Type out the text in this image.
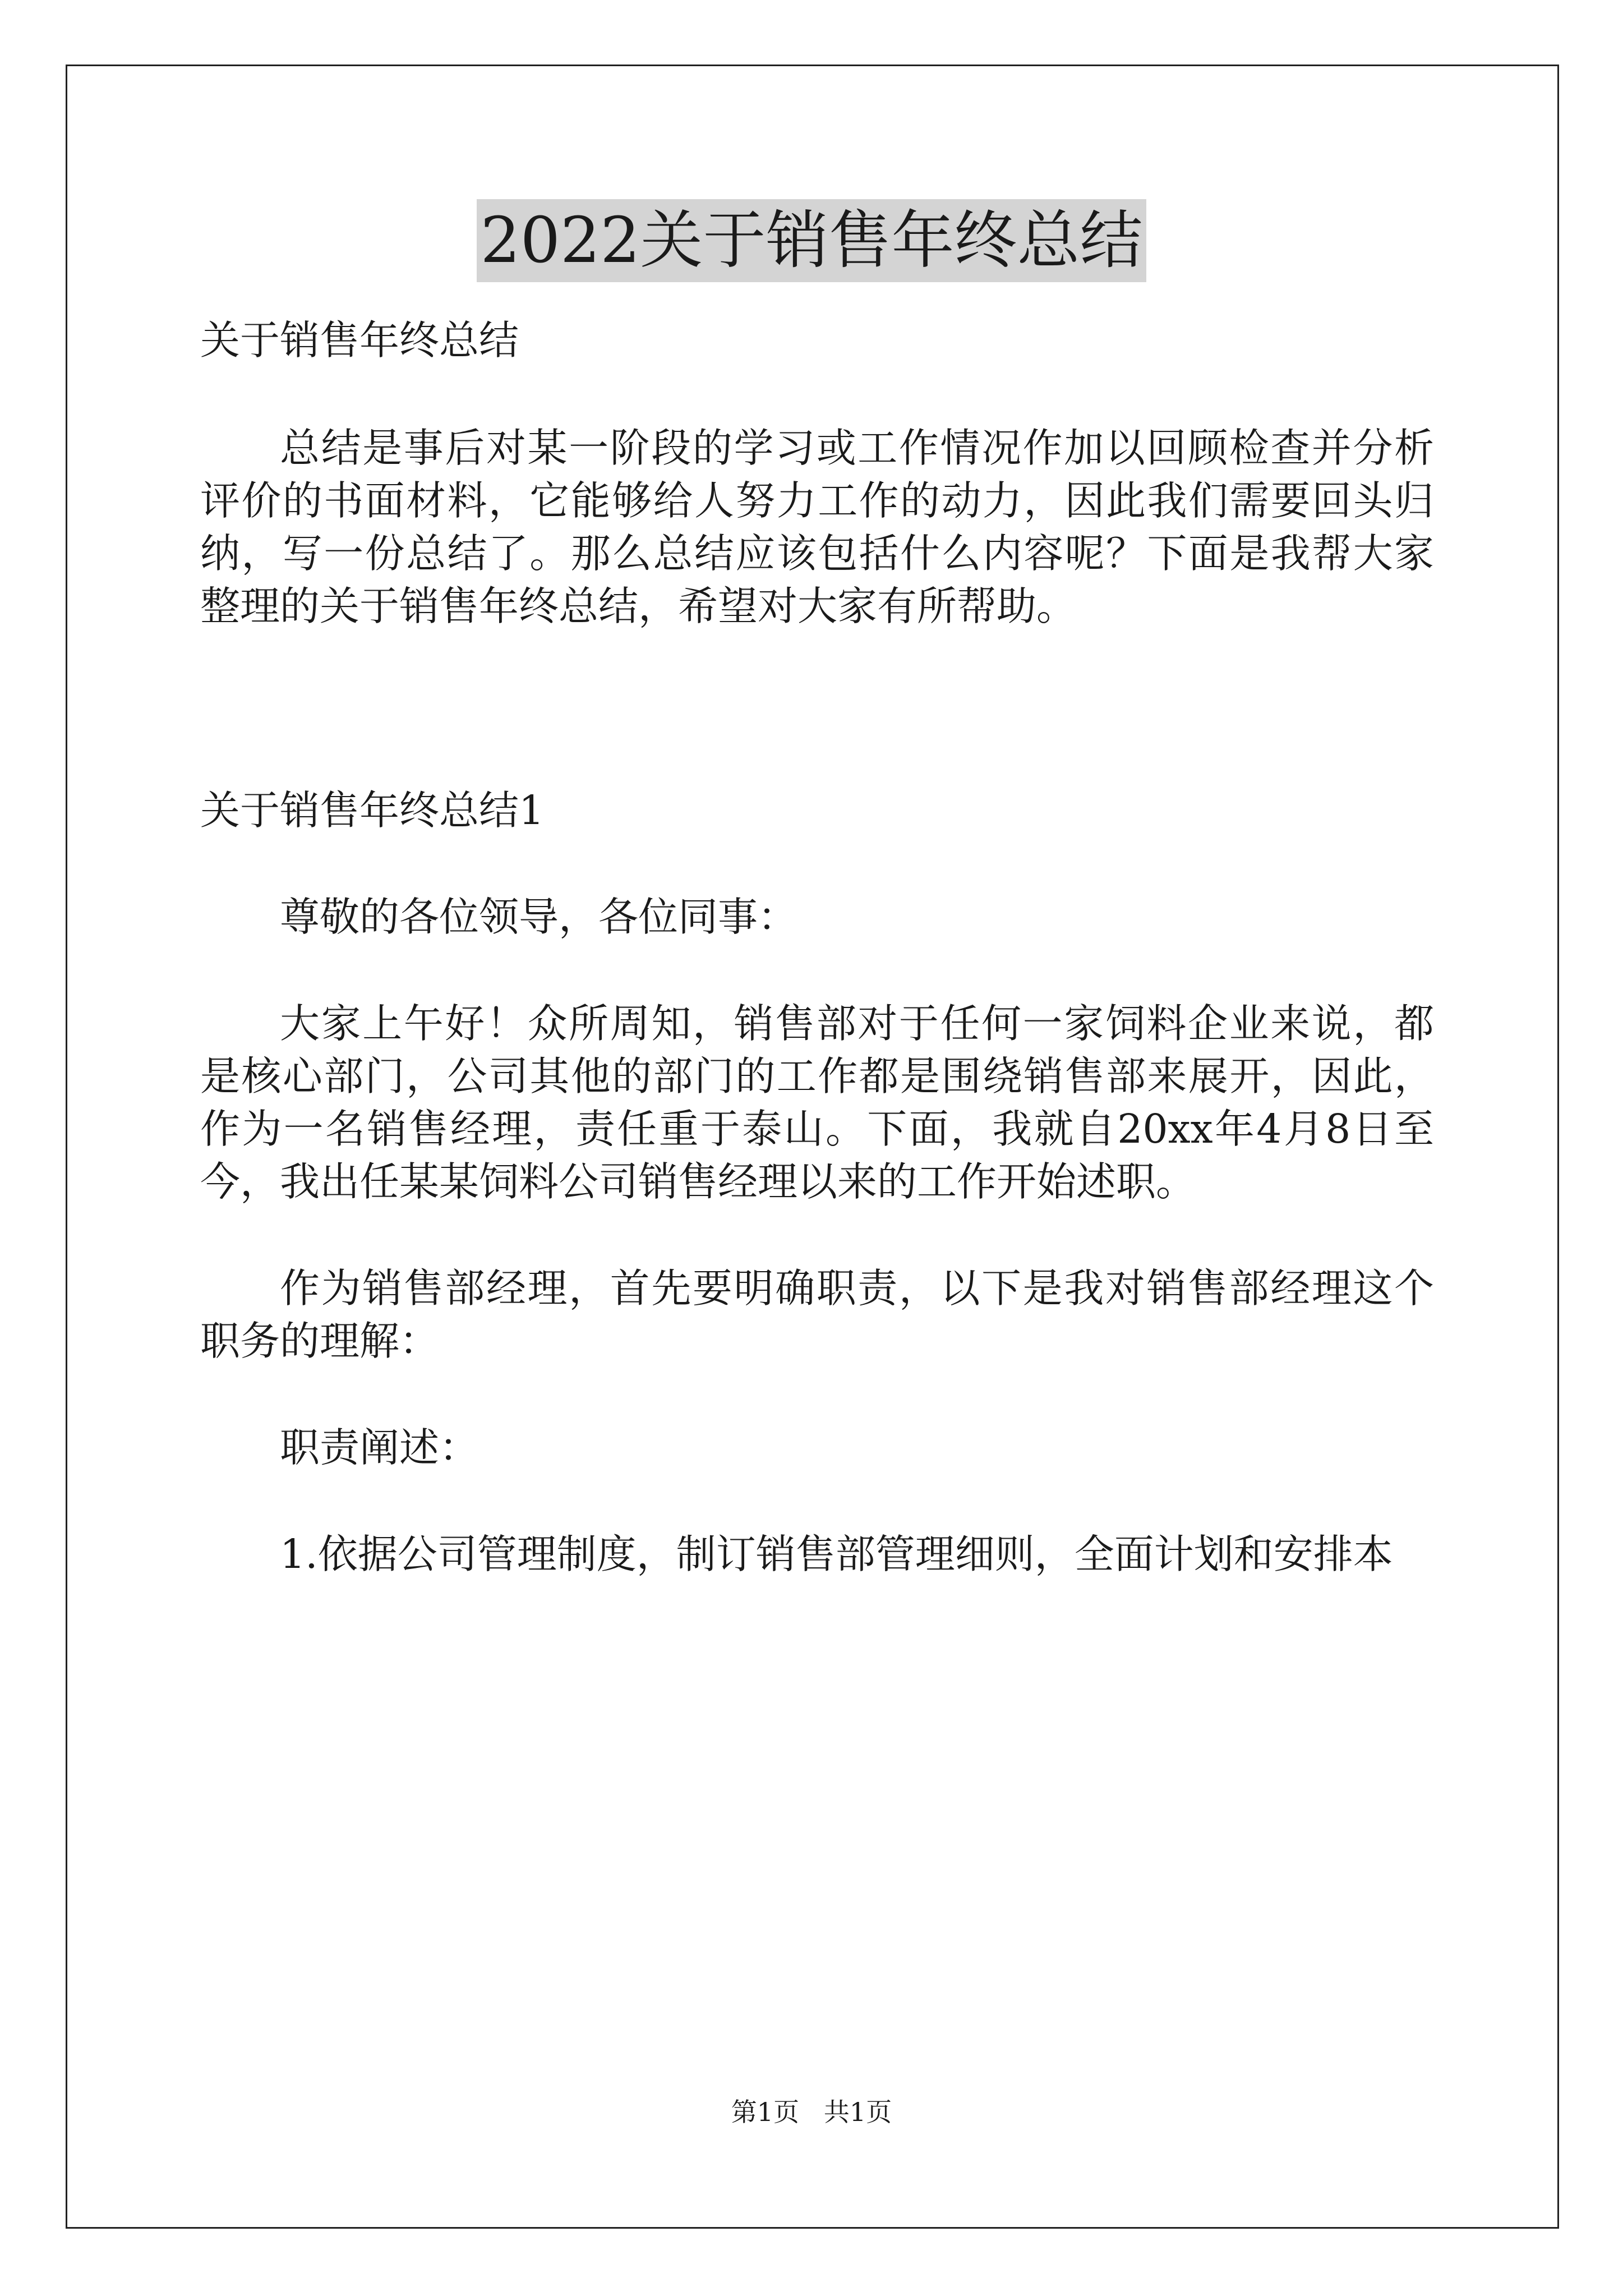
2022关于销售年终总结

关于销售年终总结

总结是事后对某一阶段的学习或工作情况作加以回顾检查并分析评价的书面材料，它能够给人努力工作的动力，因此我们需要回头归纳，写一份总结了。那么总结应该包括什么内容呢？下面是我帮大家整理的关于销售年终总结，希望对大家有所帮助。

关于销售年终总结1

尊敬的各位领导，各位同事：

大家上午好！众所周知，销售部对于任何一家饲料企业来说，都是核心部门，公司其他的部门的工作都是围绕销售部来展开，因此，作为一名销售经理，责任重于泰山。下面，我就自20xx年4月8日至今，我出任某某饲料公司销售经理以来的工作开始述职。

作为销售部经理，首先要明确职责，以下是我对销售部经理这个职务的理解：

职责阐述：

1.依据公司管理制度，制订销售部管理细则，全面计划和安排本

第1页   共1页
